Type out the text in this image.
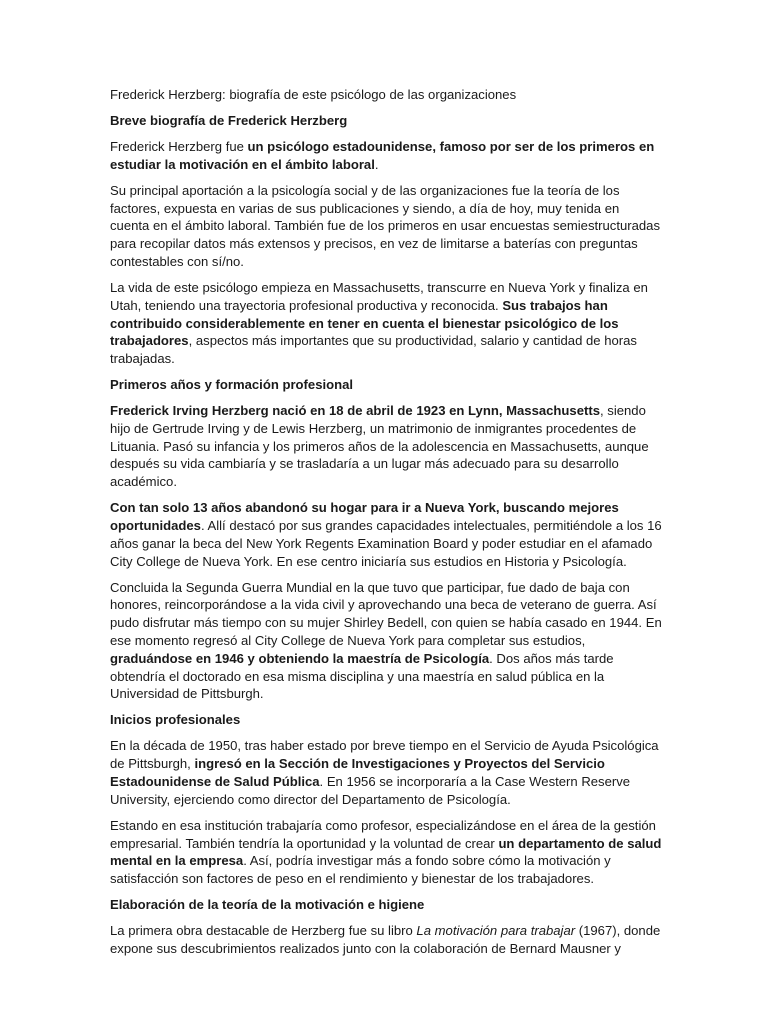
Frederick Herzberg: biografía de este psicólogo de las organizaciones

Breve biografía de Frederick Herzberg

Frederick Herzberg fue un psicólogo estadounidense, famoso por ser de los primeros en estudiar la motivación en el ámbito laboral.

Su principal aportación a la psicología social y de las organizaciones fue la teoría de los factores, expuesta en varias de sus publicaciones y siendo, a día de hoy, muy tenida en cuenta en el ámbito laboral. También fue de los primeros en usar encuestas semiestructuradas para recopilar datos más extensos y precisos, en vez de limitarse a baterías con preguntas contestables con sí/no.

La vida de este psicólogo empieza en Massachusetts, transcurre en Nueva York y finaliza en Utah, teniendo una trayectoria profesional productiva y reconocida. Sus trabajos han contribuido considerablemente en tener en cuenta el bienestar psicológico de los trabajadores, aspectos más importantes que su productividad, salario y cantidad de horas trabajadas.

Primeros años y formación profesional

Frederick Irving Herzberg nació en 18 de abril de 1923 en Lynn, Massachusetts, siendo hijo de Gertrude Irving y de Lewis Herzberg, un matrimonio de inmigrantes procedentes de Lituania. Pasó su infancia y los primeros años de la adolescencia en Massachusetts, aunque después su vida cambiaría y se trasladaría a un lugar más adecuado para su desarrollo académico.

Con tan solo 13 años abandonó su hogar para ir a Nueva York, buscando mejores oportunidades. Allí destacó por sus grandes capacidades intelectuales, permitiéndole a los 16 años ganar la beca del New York Regents Examination Board y poder estudiar en el afamado City College de Nueva York. En ese centro iniciaría sus estudios en Historia y Psicología.

Concluida la Segunda Guerra Mundial en la que tuvo que participar, fue dado de baja con honores, reincorporándose a la vida civil y aprovechando una beca de veterano de guerra. Así pudo disfrutar más tiempo con su mujer Shirley Bedell, con quien se había casado en 1944. En ese momento regresó al City College de Nueva York para completar sus estudios, graduándose en 1946 y obteniendo la maestría de Psicología. Dos años más tarde obtendría el doctorado en esa misma disciplina y una maestría en salud pública en la Universidad de Pittsburgh.

Inicios profesionales

En la década de 1950, tras haber estado por breve tiempo en el Servicio de Ayuda Psicológica de Pittsburgh, ingresó en la Sección de Investigaciones y Proyectos del Servicio Estadounidense de Salud Pública. En 1956 se incorporaría a la Case Western Reserve University, ejerciendo como director del Departamento de Psicología.

Estando en esa institución trabajaría como profesor, especializándose en el área de la gestión empresarial. También tendría la oportunidad y la voluntad de crear un departamento de salud mental en la empresa. Así, podría investigar más a fondo sobre cómo la motivación y satisfacción son factores de peso en el rendimiento y bienestar de los trabajadores.

Elaboración de la teoría de la motivación e higiene

La primera obra destacable de Herzberg fue su libro La motivación para trabajar (1967), donde expone sus descubrimientos realizados junto con la colaboración de Bernard Mausner y
